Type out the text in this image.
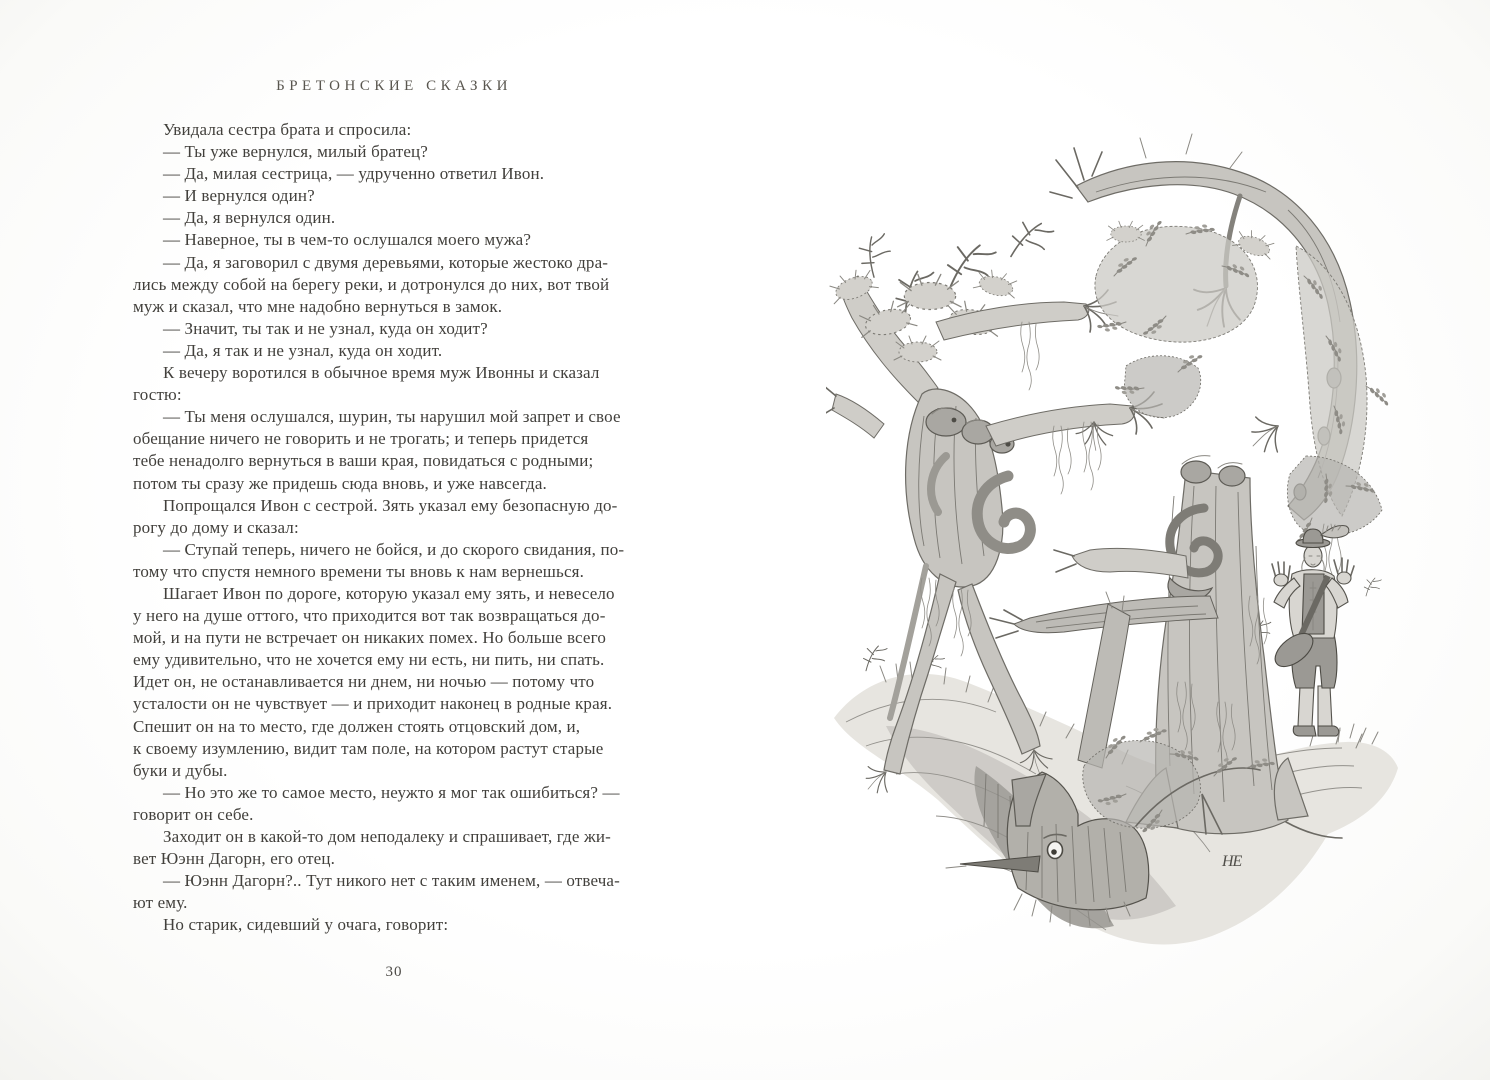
БРЕТОНСКИЕ СКАЗКИ
Увидала сестра брата и спросила:
— Ты уже вернулся, милый братец?
— Да, милая сестрица, — удрученно ответил Ивон.
— И вернулся один?
— Да, я вернулся один.
— Наверное, ты в чем-то ослушался моего мужа?
— Да, я заговорил с двумя деревьями, которые жестоко дра-
лись между собой на берегу реки, и дотронулся до них, вот твой
муж и сказал, что мне надобно вернуться в замок.
— Значит, ты так и не узнал, куда он ходит?
— Да, я так и не узнал, куда он ходит.
К вечеру воротился в обычное время муж Ивонны и сказал
гостю:
— Ты меня ослушался, шурин, ты нарушил мой запрет и свое
обещание ничего не говорить и не трогать; и теперь придется
тебе ненадолго вернуться в ваши края, повидаться с родными;
потом ты сразу же придешь сюда вновь, и уже навсегда.
Попрощался Ивон с сестрой. Зять указал ему безопасную до-
рогу до дому и сказал:
— Ступай теперь, ничего не бойся, и до скорого свидания, по-
тому что спустя немного времени ты вновь к нам вернешься.
Шагает Ивон по дороге, которую указал ему зять, и невесело
у него на душе оттого, что приходится вот так возвращаться до-
мой, и на пути не встречает он никаких помех. Но больше всего
ему удивительно, что не хочется ему ни есть, ни пить, ни спать.
Идет он, не останавливается ни днем, ни ночью — потому что
усталости он не чувствует — и приходит наконец в родные края.
Спешит он на то место, где должен стоять отцовский дом, и,
к своему изумлению, видит там поле, на котором растут старые
буки и дубы.
— Но это же то самое место, неужто я мог так ошибиться? —
говорит он себе.
Заходит он в какой-то дом неподалеку и спрашивает, где жи-
вет Юэнн Дагорн, его отец.
— Юэнн Дагорн?.. Тут никого нет с таким именем, — отвеча-
ют ему.
Но старик, сидевший у очага, говорит:
30
НЕ
